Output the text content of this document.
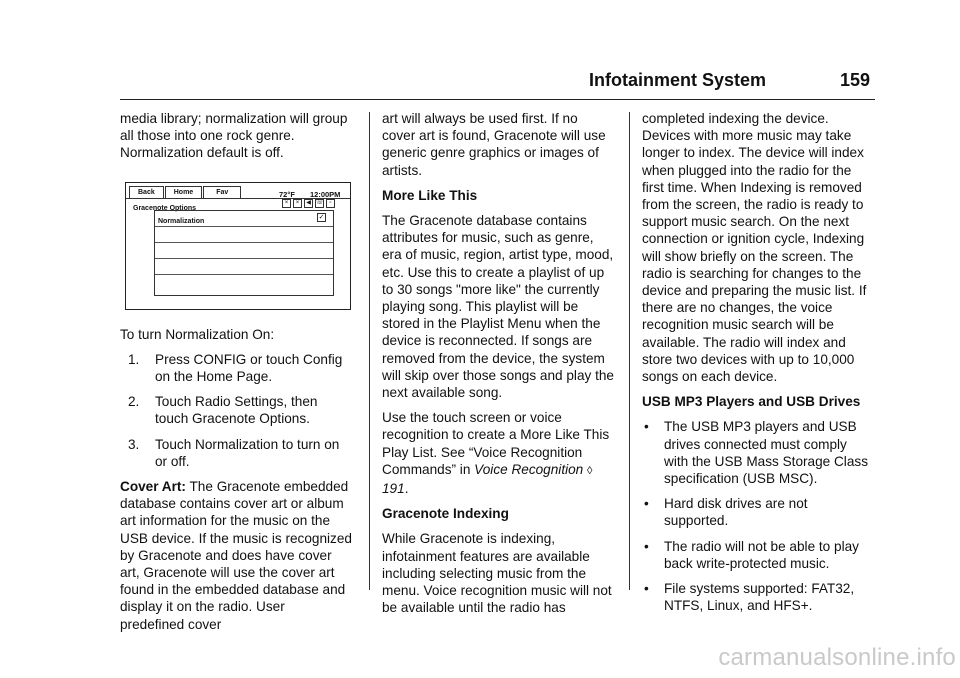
Infotainment System	159

media library; normalization will group all those into one rock genre. Normalization default is off.

Back	Home	Fav	72°F 12:00PM
Gracenote Options
×	×	◀ ☏ ▫
Normalization
✓

To turn Normalization On:

1. Press CONFIG or touch Config on the Home Page.
2. Touch Radio Settings, then touch Gracenote Options.
3. Touch Normalization to turn on or off.

Cover Art: The Gracenote embedded database contains cover art or album art information for the music on the USB device. If the music is recognized by Gracenote and does have cover art, Gracenote will use the cover art found in the embedded database and display it on the radio. User predefined cover

art will always be used first. If no cover art is found, Gracenote will use generic genre graphics or images of artists.

More Like This

The Gracenote database contains attributes for music, such as genre, era of music, region, artist type, mood, etc. Use this to create a playlist of up to 30 songs "more like" the currently playing song. This playlist will be stored in the Playlist Menu when the device is reconnected. If songs are removed from the device, the system will skip over those songs and play the next available song.

Use the touch screen or voice recognition to create a More Like This Play List. See “Voice Recognition Commands” in Voice Recognition ◊ 191.

Gracenote Indexing

While Gracenote is indexing, infotainment features are available including selecting music from the menu. Voice recognition music will not be available until the radio has

completed indexing the device. Devices with more music may take longer to index. The device will index when plugged into the radio for the first time. When Indexing is removed from the screen, the radio is ready to support music search. On the next connection or ignition cycle, Indexing will show briefly on the screen. The radio is searching for changes to the device and preparing the music list. If there are no changes, the voice recognition music search will be available. The radio will index and store two devices with up to 10,000 songs on each device.

USB MP3 Players and USB Drives
• The USB MP3 players and USB drives connected must comply with the USB Mass Storage Class specification (USB MSC).
• Hard disk drives are not supported.
• The radio will not be able to play back write-protected music.
• File systems supported: FAT32, NTFS, Linux, and HFS+.
carmanualsonline.info
